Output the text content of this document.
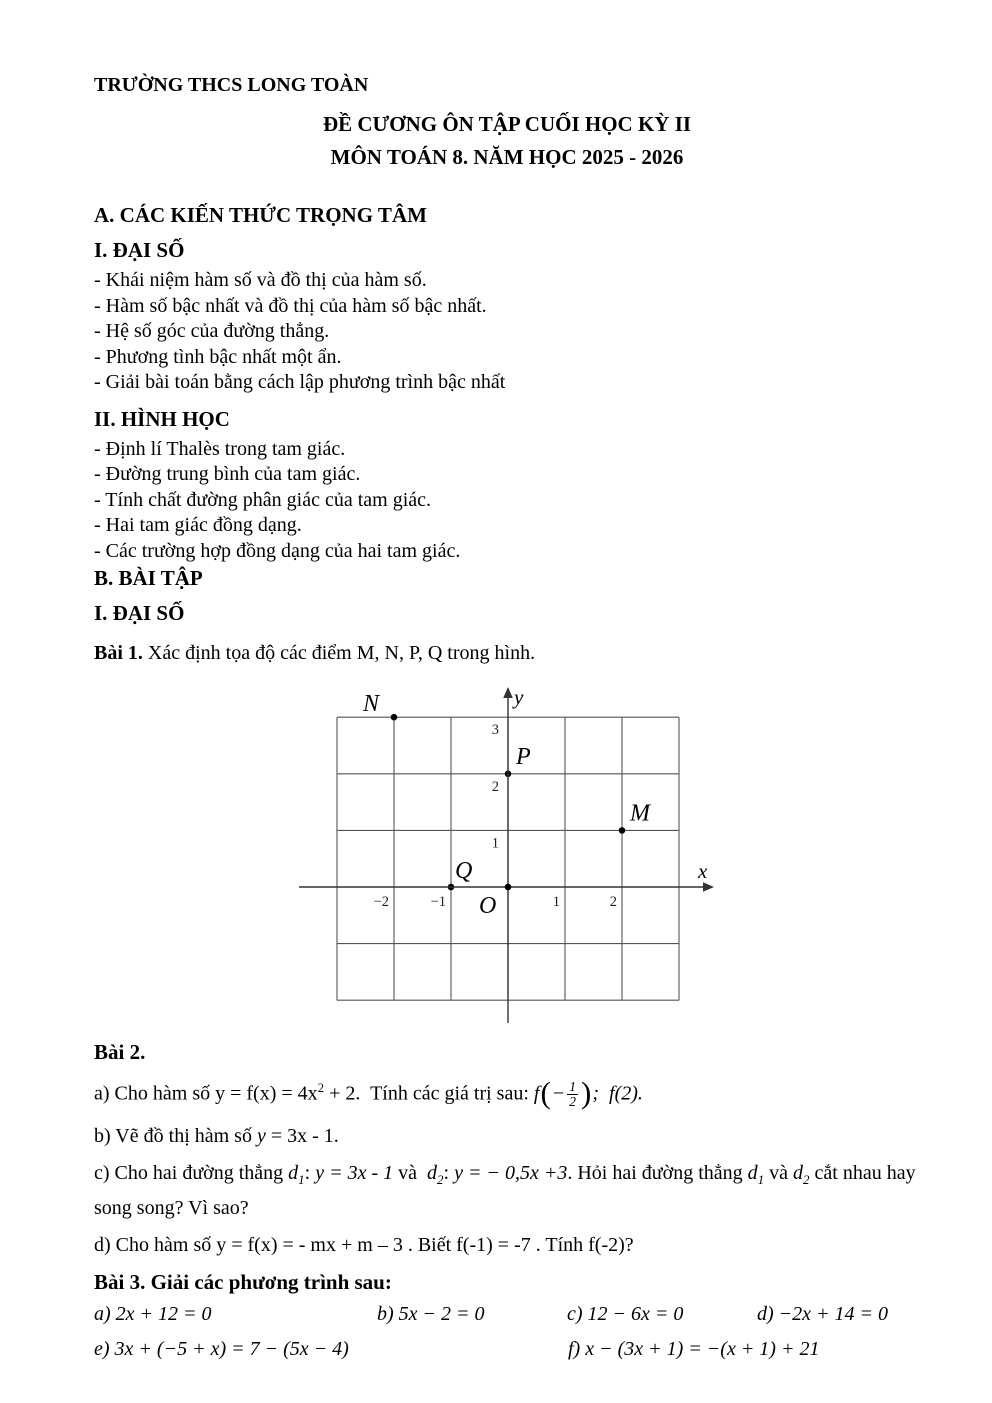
TRƯỜNG THCS LONG TOÀN
ĐỀ CƯƠNG ÔN TẬP CUỐI HỌC KỲ II
MÔN TOÁN 8. NĂM HỌC 2025 - 2026
A. CÁC KIẾN THỨC TRỌNG TÂM
I. ĐẠI SỐ
- Khái niệm hàm số và đồ thị của hàm số.
- Hàm số bậc nhất và đồ thị của hàm số bậc nhất.
- Hệ số góc của đường thẳng.
- Phương tình bậc nhất một ẩn.
- Giải bài toán bằng cách lập phương trình bậc nhất
II. HÌNH HỌC
- Định lí Thalès trong tam giác.
- Đường trung bình của tam giác.
- Tính chất đường phân giác của tam giác.
- Hai tam giác đồng dạng.
- Các trường hợp đồng dạng của hai tam giác.
B. BÀI TẬP
I. ĐẠI SỐ
Bài 1. Xác định tọa độ các điểm M, N, P, Q trong hình.
−2	−1	1	2
1
2
3
M
N
P
Q	x
y
O
Bài 2.
a) Cho hàm số $y = f(x) = 4x^2 + 2$.  Tính các giá trị sau: $f(- \frac{1}{2}$ );  f(2).
b) Vẽ đồ thị hàm số y = 3x - 1.
c) Cho hai đường thẳng $d_1$: y = 3x - 1 và  $d_2$: y = − 0,5x +3. Hỏi hai đường thẳng $d_1$ và $d_2$ cắt nhau hay song song? Vì sao?
d) Cho hàm số y = f(x) = - mx + m – 3 . Biết f(-1) = -7 . Tính f(-2)?
Bài 3. Giải các phương trình sau:
a) 2x + 12 = 0	b) 5x − 2 = 0	c) 12 − 6x = 0	d) −2x + 14 = 0
e) 3x + (−5 + x) = 7 − (5x − 4)	f) x − (3x + 1) = −(x + 1) + 21
